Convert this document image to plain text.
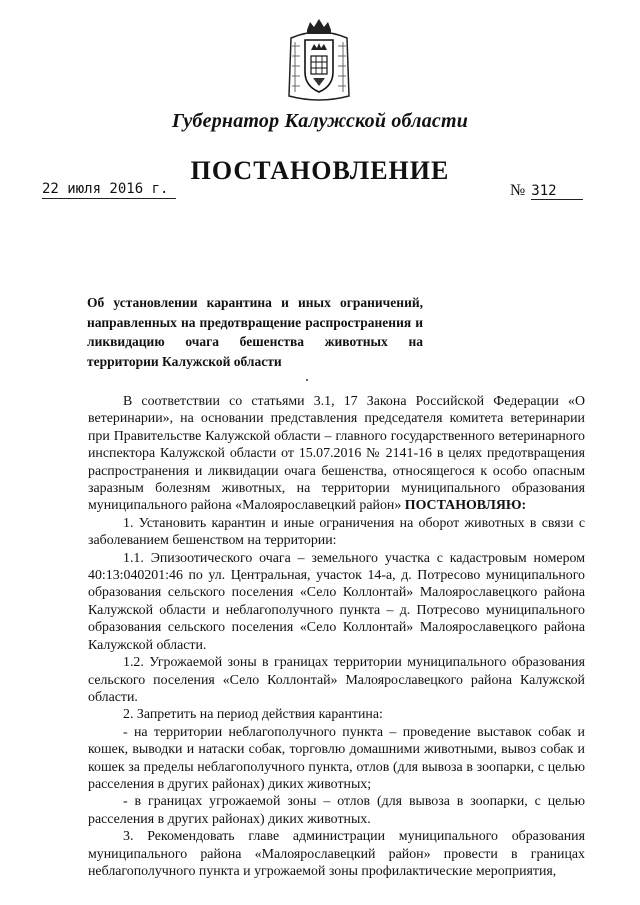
Губернатор Калужской области
ПОСТАНОВЛЕНИЕ
22 июля 2016 г.	№ 312
Об установлении карантина и иных ограничений, направленных на предотвращение распространения и ликвидацию очага бешенства животных на территории Калужской области

В соответствии со статьями 3.1, 17 Закона Российской Федерации «О ветеринарии», на основании представления председателя комитета ветеринарии при Правительстве Калужской области – главного государственного ветеринарного инспектора Калужской области от 15.07.2016 № 2141-16 в целях предотвращения распространения и ликвидации очага бешенства, относящегося к особо опасным заразным болезням животных, на территории муниципального образования муниципального района «Малоярославецкий район» ПОСТАНОВЛЯЮ:

1. Установить карантин и иные ограничения на оборот животных в связи с заболеванием бешенством на территории:

1.1. Эпизоотического очага – земельного участка с кадастровым номером 40:13:040201:46 по ул. Центральная, участок 14-а, д. Потресово муниципального образования сельского поселения «Село Коллонтай» Малоярославецкого района Калужской области и неблагополучного пункта – д. Потресово муниципального образования сельского поселения «Село Коллонтай» Малоярославецкого района Калужской области.

1.2. Угрожаемой зоны в границах территории муниципального образования сельского поселения «Село Коллонтай» Малоярославецкого района Калужской области.

2. Запретить на период действия карантина:

- на территории неблагополучного пункта – проведение выставок собак и кошек, выводки и натаски собак, торговлю домашними животными, вывоз собак и кошек за пределы неблагополучного пункта, отлов (для вывоза в зоопарки, с целью расселения в других районах) диких животных;

- в границах угрожаемой зоны – отлов (для вывоза в зоопарки, с целью расселения в других районах) диких животных.

3. Рекомендовать главе администрации муниципального образования муниципального района «Малоярославецкий район» провести в границах неблагополучного пункта и угрожаемой зоны профилактические мероприятия,
